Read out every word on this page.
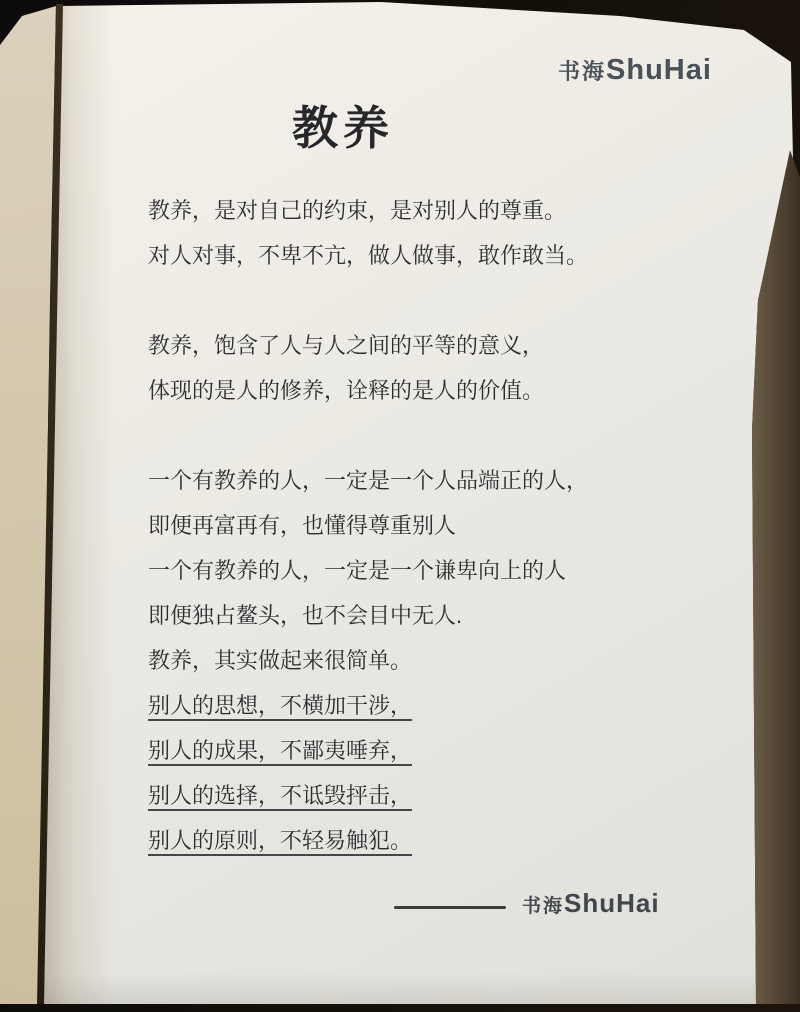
书海 ShuHai
教养
教养，是对自己的约束，是对别人的尊重。
对人对事，不卑不亢，做人做事，敢作敢当。
教养，饱含了人与人之间的平等的意义，
体现的是人的修养，诠释的是人的价值。
一个有教养的人，一定是一个人品端正的人，
即便再富再有，也懂得尊重别人
一个有教养的人，一定是一个谦卑向上的人
即便独占鳌头，也不会目中无人.
教养，其实做起来很简单。
别人的思想，不横加干涉，
别人的成果，不鄙夷唾弃，
别人的选择，不诋毁抨击，
别人的原则，不轻易触犯。
书海 ShuHai
